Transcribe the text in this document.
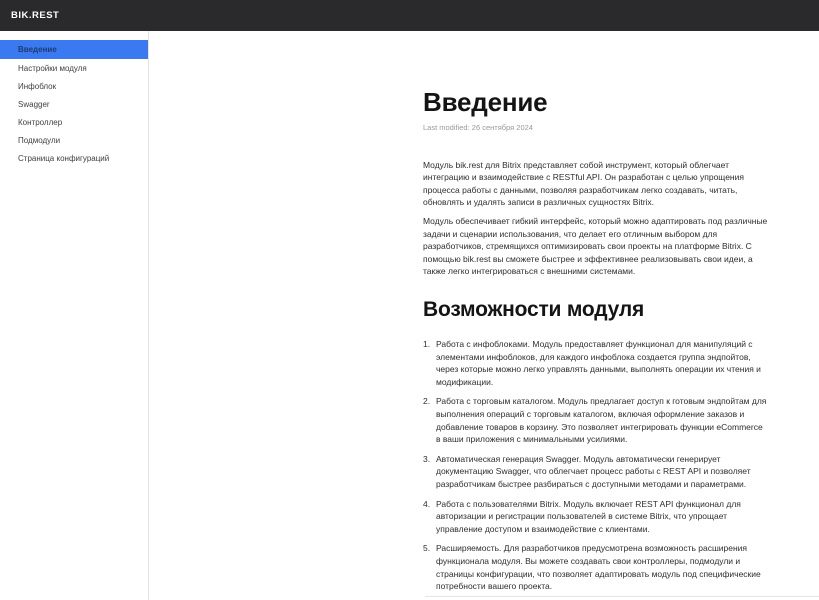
BIK.REST
Введение
Настройки модуля
Инфоблок
Swagger
Контроллер
Подмодули
Страница конфигураций
Введение
Last modified: 26 сентября 2024

Модуль bik.rest для Bitrix представляет собой инструмент, который облегчает интеграцию и взаимодействие с RESTful API. Он разработан с целью упрощения процесса работы с данными, позволяя разработчикам легко создавать, читать, обновлять и удалять записи в различных сущностях Bitrix.

Модуль обеспечивает гибкий интерфейс, который можно адаптировать под различные задачи и сценарии использования, что делает его отличным выбором для разработчиков, стремящихся оптимизировать свои проекты на платформе Bitrix. С помощью bik.rest вы сможете быстрее и эффективнее реализовывать свои идеи, а также легко интегрироваться с внешними системами.

Возможности модуля
1. Работа с инфоблоками. Модуль предоставляет функционал для манипуляций с элементами инфоблоков, для каждого инфоблока создается группа эндпойтов, через которые можно легко управлять данными, выполнять операции их чтения и модификации.
2. Работа с торговым каталогом. Модуль предлагает доступ к готовым эндпойтам для выполнения операций с торговым каталогом, включая оформление заказов и добавление товаров в корзину. Это позволяет интегрировать функции eCommerce в ваши приложения с минимальными усилиями.
3. Автоматическая генерация Swagger. Модуль автоматически генерирует документацию Swagger, что облегчает процесс работы с REST API и позволяет разработчикам быстрее разбираться с доступными методами и параметрами.
4. Работа с пользователями Bitrix. Модуль включает REST API функционал для авторизации и регистрации пользователей в системе Bitrix, что упрощает управление доступом и взаимодействие с клиентами.
5. Расширяемость. Для разработчиков предусмотрена возможность расширения функционала модуля. Вы можете создавать свои контроллеры, подмодули и страницы конфигурации, что позволяет адаптировать модуль под специфические потребности вашего проекта.
